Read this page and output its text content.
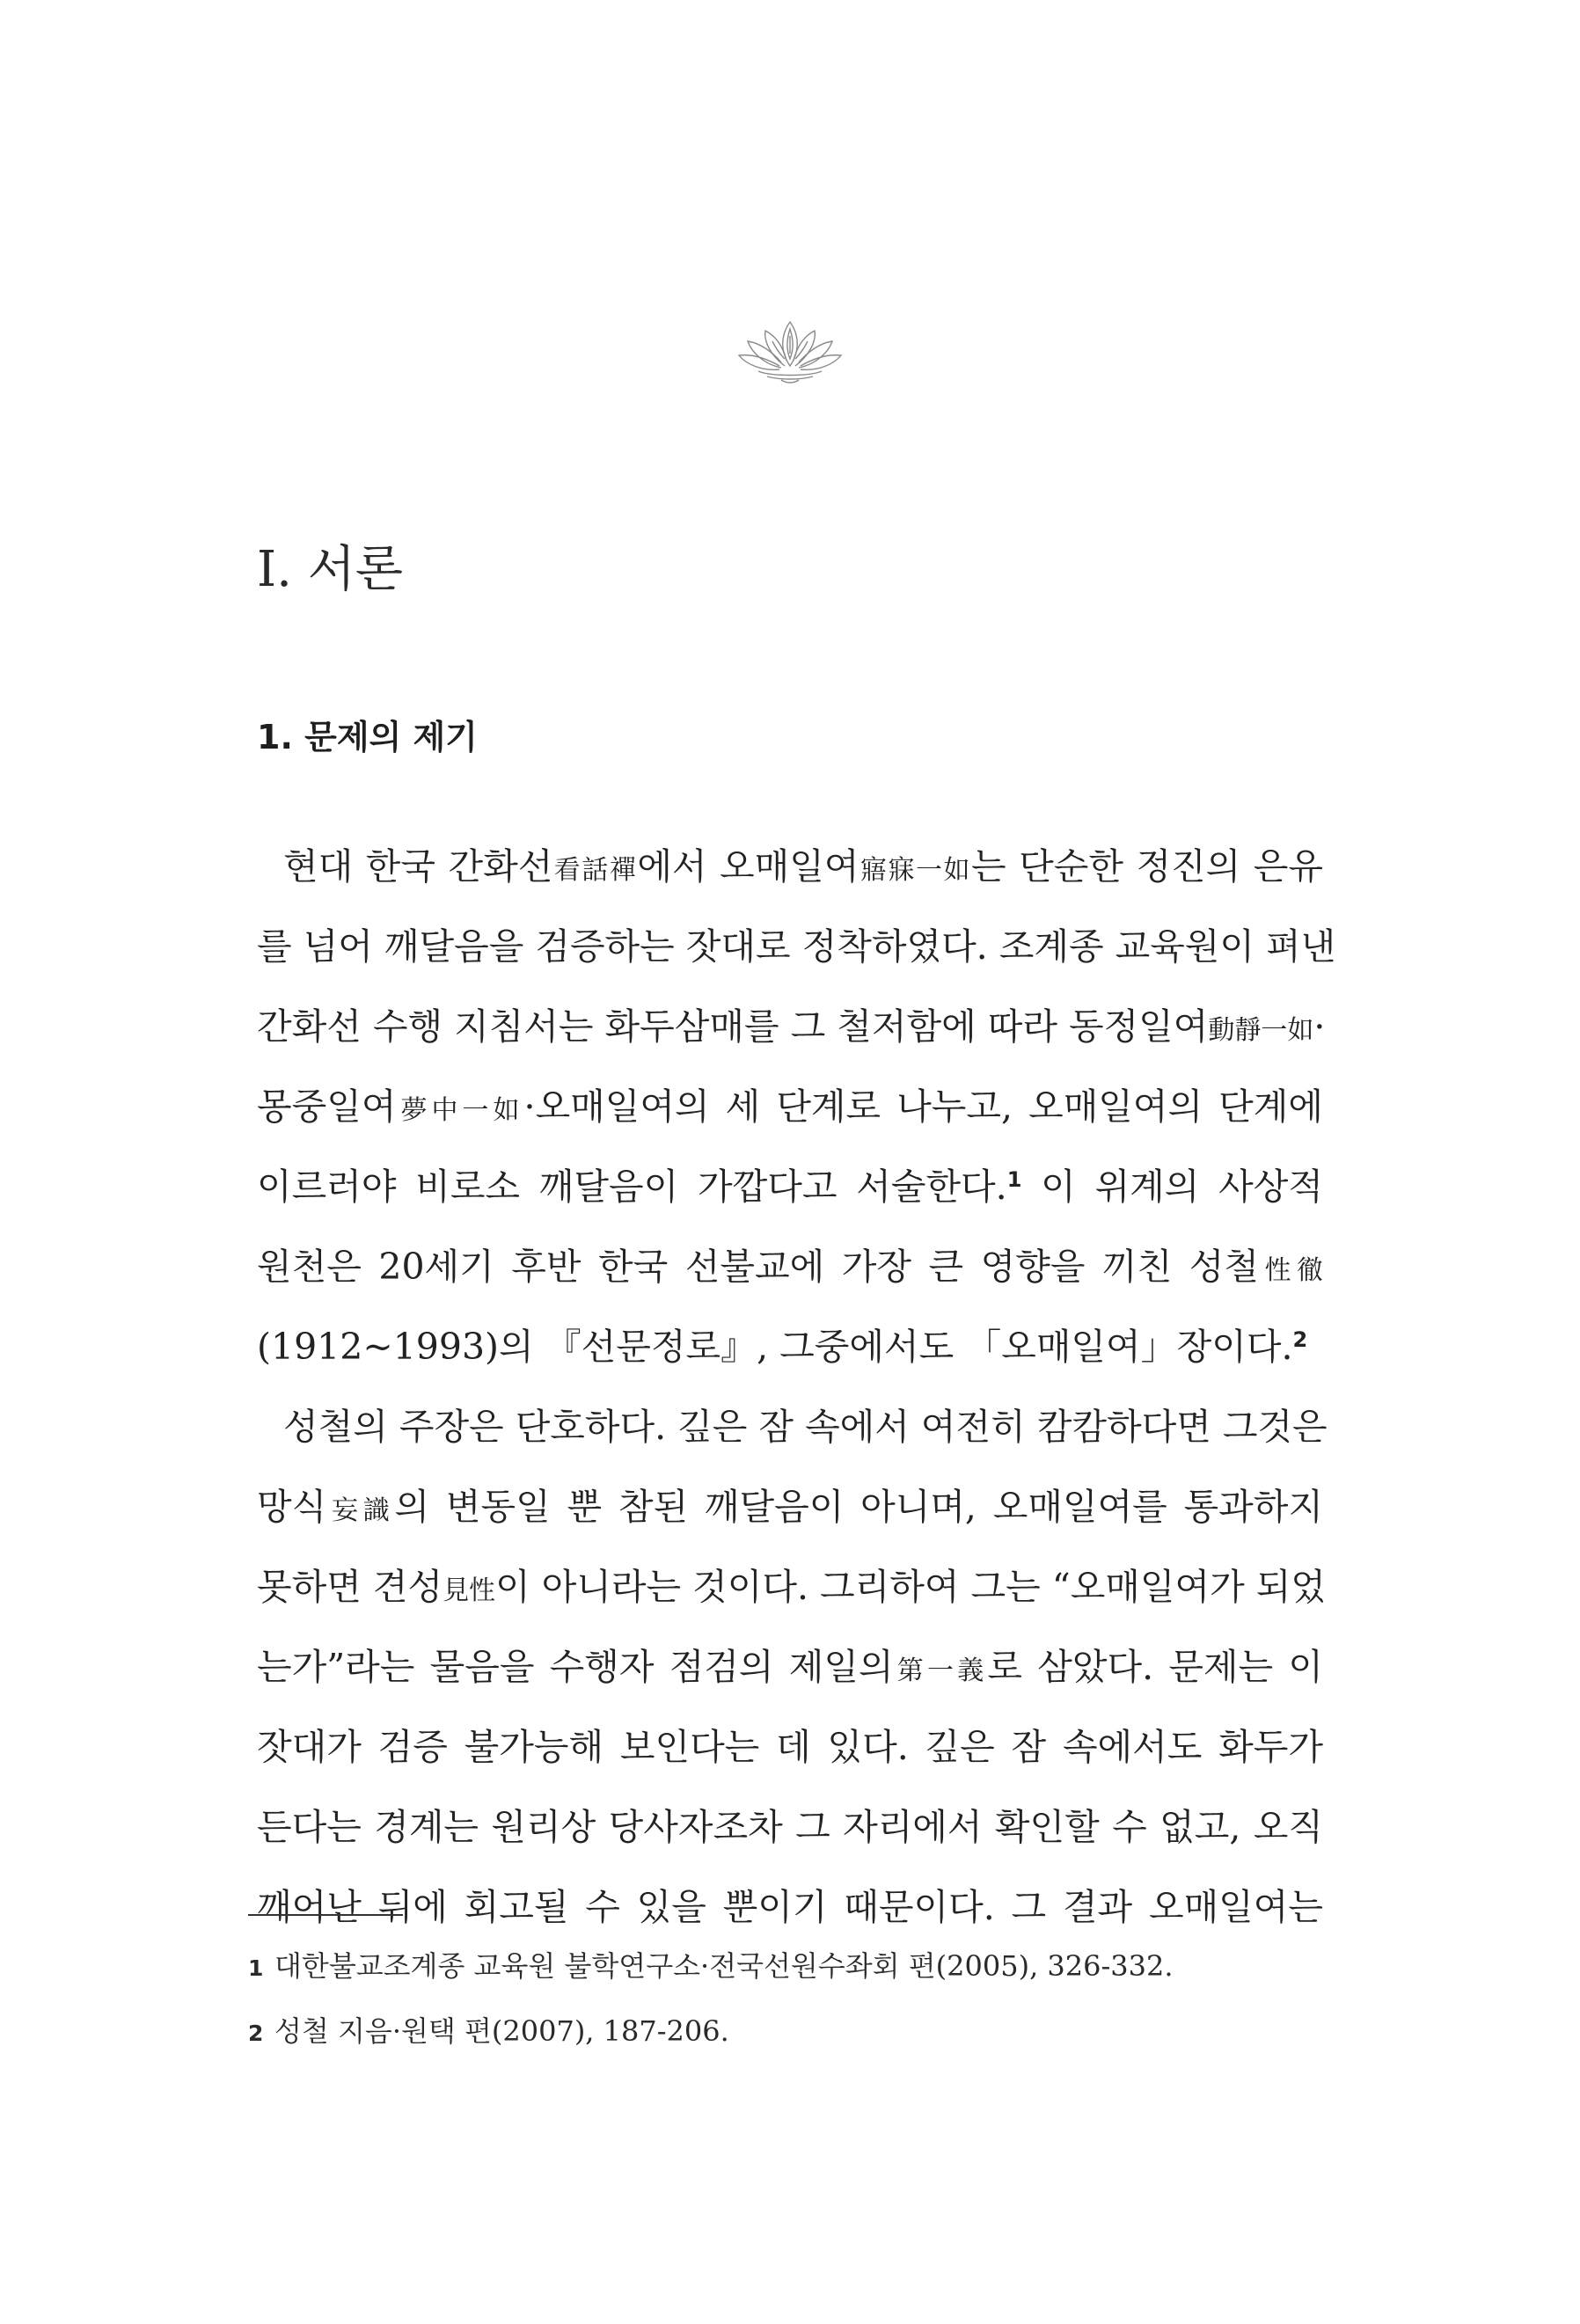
Ⅰ. 서론
1. 문제의 제기
현대 한국 간화선看話禪에서 오매일여寤寐一如는 단순한 정진의 은유
를 넘어 깨달음을 검증하는 잣대로 정착하였다. 조계종 교육원이 펴낸
간화선 수행 지침서는 화두삼매를 그 철저함에 따라 동정일여動靜一如·
몽중일여夢中一如·오매일여의 세 단계로 나누고, 오매일여의 단계에
이르러야 비로소 깨달음이 가깝다고 서술한다.$^1$ 이 위계의 사상적
원천은 20세기 후반 한국 선불교에 가장 큰 영향을 끼친 성철性徹
(1912~1993)의 『선문정로』, 그중에서도 「오매일여」장이다.$^2$
성철의 주장은 단호하다. 깊은 잠 속에서 여전히 캄캄하다면 그것은
망식妄識의 변동일 뿐 참된 깨달음이 아니며, 오매일여를 통과하지
못하면 견성見性이 아니라는 것이다. 그리하여 그는 “오매일여가 되었
는가”라는 물음을 수행자 점검의 제일의第一義로 삼았다. 문제는 이
잣대가 검증 불가능해 보인다는 데 있다. 깊은 잠 속에서도 화두가
든다는 경계는 원리상 당사자조차 그 자리에서 확인할 수 없고, 오직
깨어난 뒤에 회고될 수 있을 뿐이기 때문이다. 그 결과 오매일여는
1 대한불교조계종 교육원 불학연구소·전국선원수좌회 편(2005), 326-332.
2 성철 지음·원택 편(2007), 187-206.
